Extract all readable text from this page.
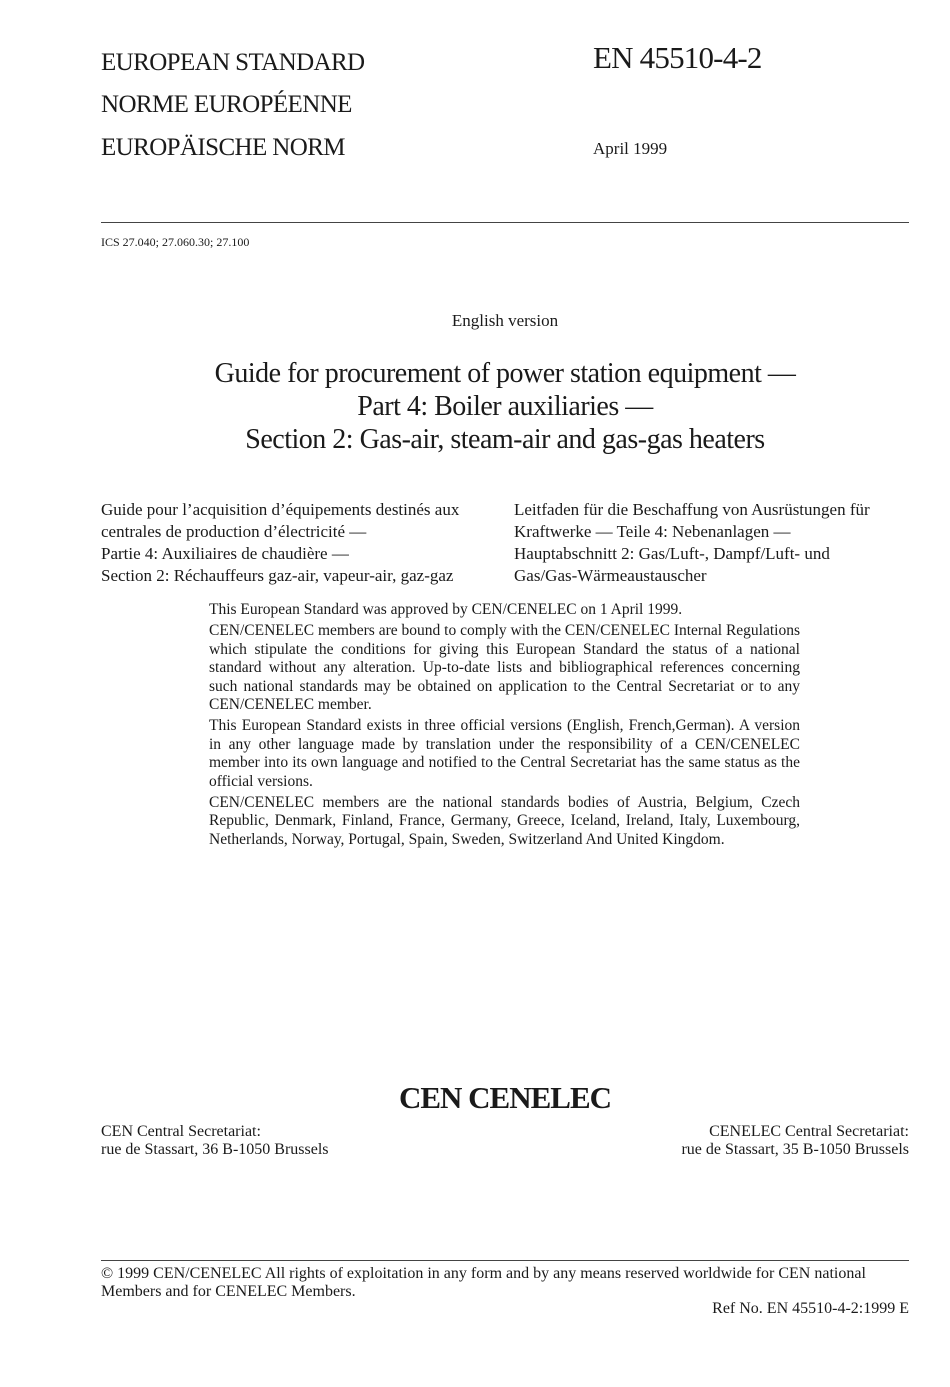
EUROPEAN STANDARD
NORME EUROPÉENNE
EUROPÄISCHE NORM
EN 45510-4-2
April 1999
ICS 27.040; 27.060.30; 27.100
English version
Guide for procurement of power station equipment —
Part 4: Boiler auxiliaries —
Section 2: Gas-air, steam-air and gas-gas heaters
Guide pour l’acquisition d’équipements destinés aux
centrales de production d’électricité —
Partie 4: Auxiliaires de chaudière —
Section 2: Réchauffeurs gaz-air, vapeur-air, gaz-gaz
Leitfaden für die Beschaffung von Ausrüstungen für
Kraftwerke — Teile 4: Nebenanlagen —
Hauptabschnitt 2: Gas/Luft-, Dampf/Luft- und
Gas/Gas-Wärmeaustauscher

This European Standard was approved by CEN/CENELEC on 1 April 1999.

CEN/CENELEC members are bound to comply with the CEN/CENELEC Internal Regulations which stipulate the conditions for giving this European Standard the status of a national standard without any alteration. Up-to-date lists and bibliographical references concerning such national standards may be obtained on application to the Central Secretariat or to any CEN/CENELEC member.

This European Standard exists in three official versions (English, French,German). A version in any other language made by translation under the responsibility of a CEN/CENELEC member into its own language and notified to the Central Secretariat has the same status as the official versions.

CEN/CENELEC members are the national standards bodies of Austria, Belgium, Czech Republic, Denmark, Finland, France, Germany, Greece, Iceland, Ireland, Italy, Luxembourg, Netherlands, Norway, Portugal, Spain, Sweden, Switzerland And United Kingdom.

CEN CENELEC
CEN Central Secretariat:
rue de Stassart, 36 B-1050 Brussels
CENELEC Central Secretariat:
rue de Stassart, 35 B-1050 Brussels
© 1999 CEN/CENELEC All rights of exploitation in any form and by any means reserved worldwide for CEN national Members and for CENELEC Members.
Ref No. EN 45510-4-2:1999 E
